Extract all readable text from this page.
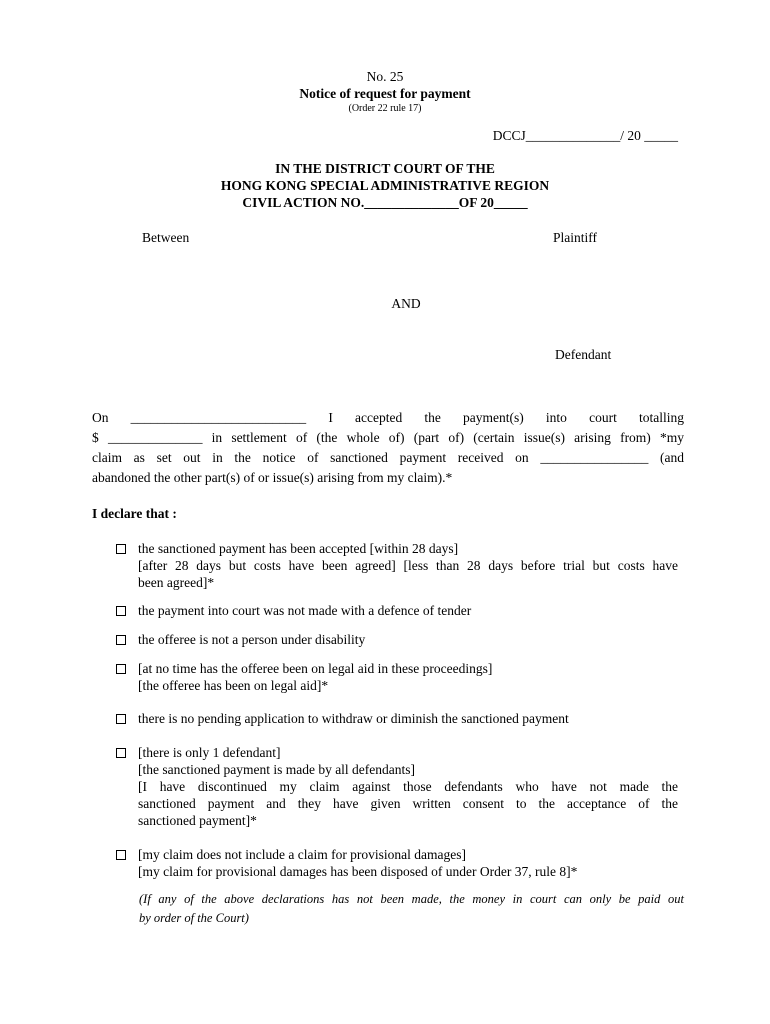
No. 25
Notice of request for payment
(Order 22 rule 17)
DCCJ______________/ 20 _____
IN THE DISTRICT COURT OF THE
HONG KONG SPECIAL ADMINISTRATIVE REGION
CIVIL ACTION NO.______________OF 20_____
Between	Plaintiff
AND
Defendant
On __________________________ I accepted the payment(s) into court totalling
$ ______________ in settlement of (the whole of) (part of) (certain issue(s) arising from) *my
claim as set out in the notice of sanctioned payment received on ________________ (and
abandoned the other part(s) of or issue(s) arising from my claim).*
I declare that :
the sanctioned payment has been accepted [within 28 days]
[after 28 days but costs have been agreed] [less than 28 days before trial but costs have
been agreed]*
the payment into court was not made with a defence of tender
the offeree is not a person under disability
[at no time has the offeree been on legal aid in these proceedings]
[the offeree has been on legal aid]*
there is no pending application to withdraw or diminish the sanctioned payment
[there is only 1 defendant]
[the sanctioned payment is made by all defendants]
[I have discontinued my claim against those defendants who have not made the
sanctioned payment and they have given written consent to the acceptance of the
sanctioned payment]*
[my claim does not include a claim for provisional damages]
[my claim for provisional damages has been disposed of under Order 37, rule 8]*
(If any of the above declarations has not been made, the money in court can only be paid out
by order of the Court)
